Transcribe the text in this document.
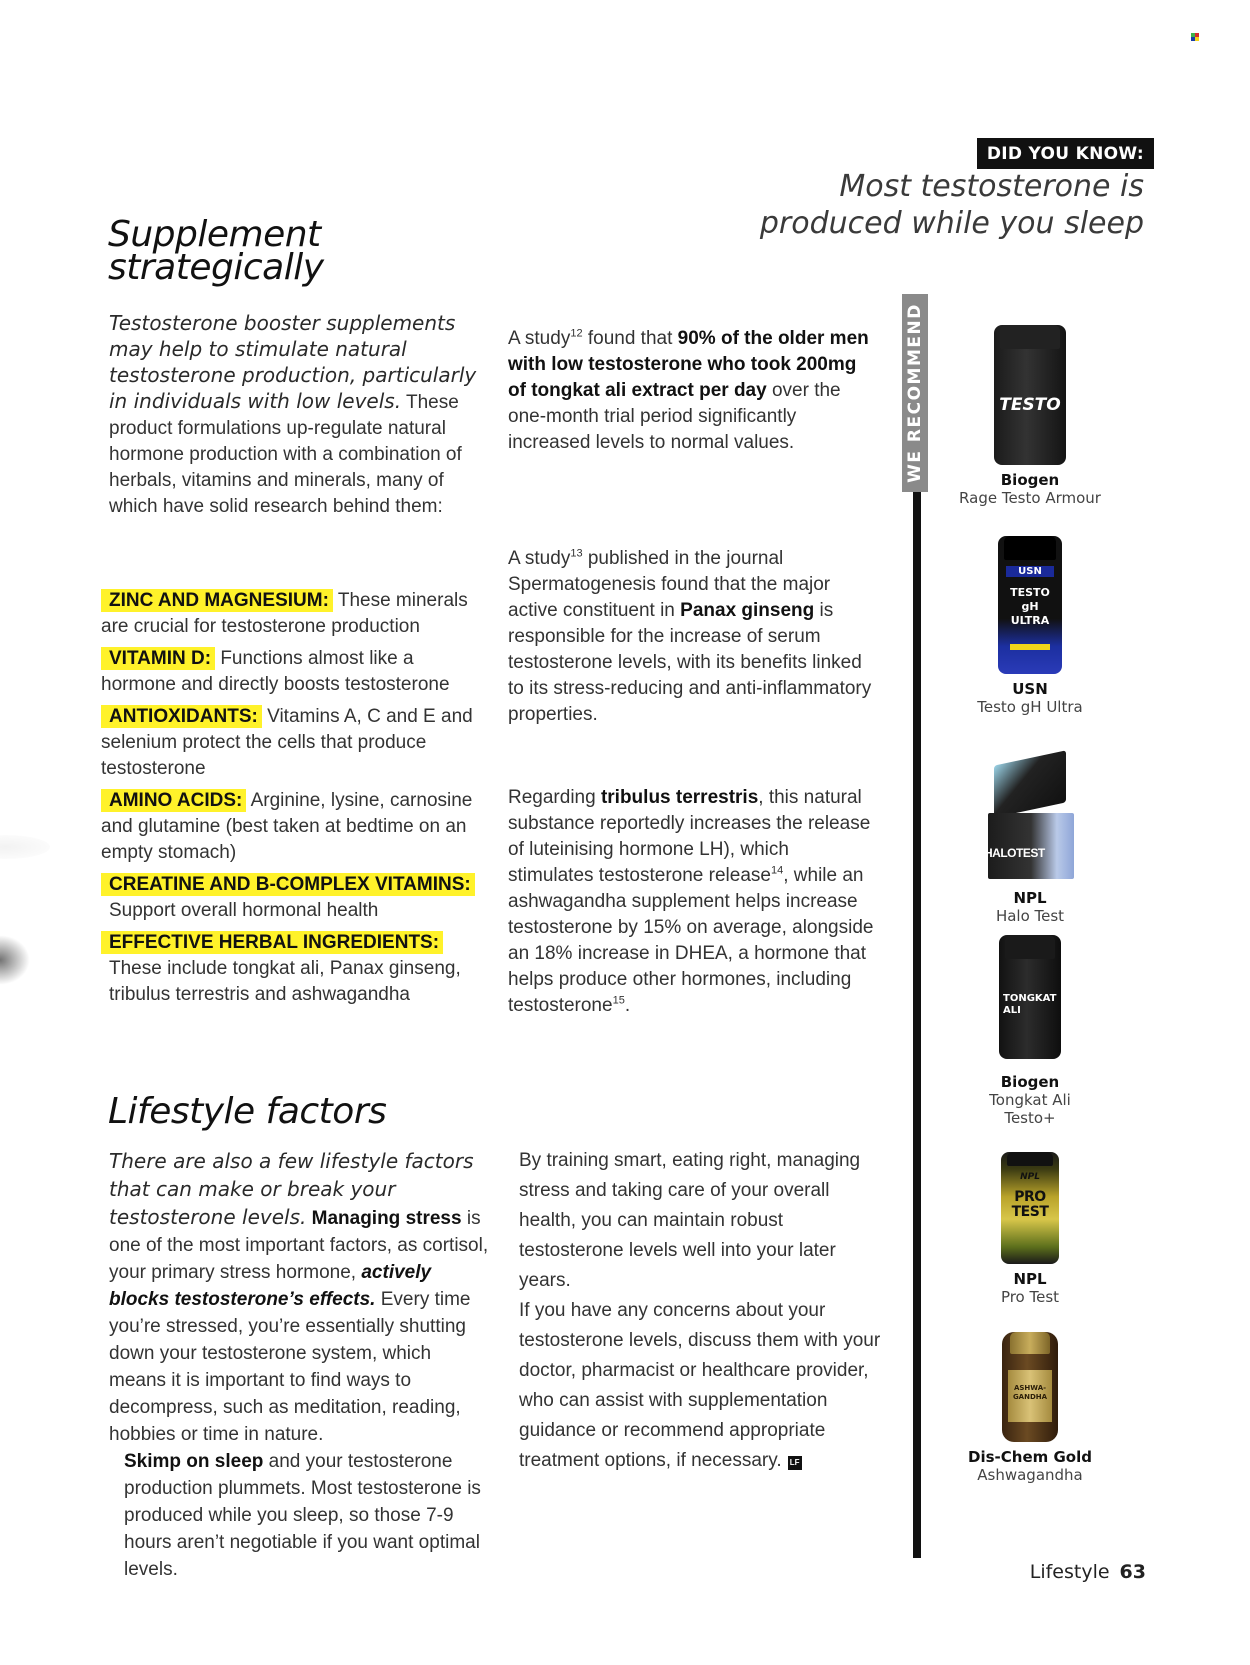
DID YOU KNOW:
Most testosterone is
produced while you sleep
Supplement
strategically
Testosterone booster supplements may help to stimulate natural testosterone production, particularly in individuals with low levels. These product formulations up-regulate natural hormone production with a combination of herbals, vitamins and minerals, many of which have solid research behind them:
ZINC AND MAGNESIUM: These minerals are crucial for testosterone production
VITAMIN D: Functions almost like a hormone and directly boosts testosterone
ANTIOXIDANTS: Vitamins A, C and E and selenium protect the cells that produce testosterone
AMINO ACIDS: Arginine, lysine, carnosine and glutamine (best taken at bedtime on an empty stomach)
CREATINE AND B-COMPLEX VITAMINS:
Support overall hormonal health
EFFECTIVE HERBAL INGREDIENTS:
These include tongkat ali, Panax ginseng, tribulus terrestris and ashwagandha
A study$^{12}$ found that 90% of the older men with low testosterone who took 200mg of tongkat ali extract per day over the one-month trial period significantly increased levels to normal values.
A study$^{13}$ published in the journal Spermatogenesis found that the major active constituent in Panax ginseng is responsible for the increase of serum testosterone levels, with its benefits linked to its stress-reducing and anti-inflammatory properties.
Regarding tribulus terrestris, this natural substance reportedly increases the release of luteinising hormone LH), which stimulates testosterone release$^{14}$, while an ashwagandha supplement helps increase testosterone by 15% on average, alongside an 18% increase in DHEA, a hormone that helps produce other hormones, including testosterone$^{15}$.
Lifestyle factors
There are also a few lifestyle factors that can make or break your testosterone levels. Managing stress is one of the most important factors, as cortisol, your primary stress hormone, actively blocks testosterone’s effects. Every time you’re stressed, you’re essentially shutting down your testosterone system, which means it is important to find ways to decompress, such as meditation, reading, hobbies or time in nature.
Skimp on sleep and your testosterone production plummets. Most testosterone is produced while you sleep, so those 7-9 hours aren’t negotiable if you want optimal levels.
By training smart, eating right, managing stress and taking care of your overall health, you can maintain robust testosterone levels well into your later years.
If you have any concerns about your testosterone levels, discuss them with your doctor, pharmacist or healthcare provider, who can assist with supplementation guidance or recommend appropriate treatment options, if necessary. LF
WE RECOMMEND	TESTO
Biogen
Rage Testo Armour
USN
TESTO gH ULTRA
USN
Testo gH Ultra
HALOTEST
NPL
Halo Test
TONGKAT ALI
Biogen
Tongkat Ali
Testo+
NPL
PRO TEST
NPL
Pro Test
ASHWA-GANDHA
Dis-Chem Gold
Ashwagandha
Lifestyle 63
